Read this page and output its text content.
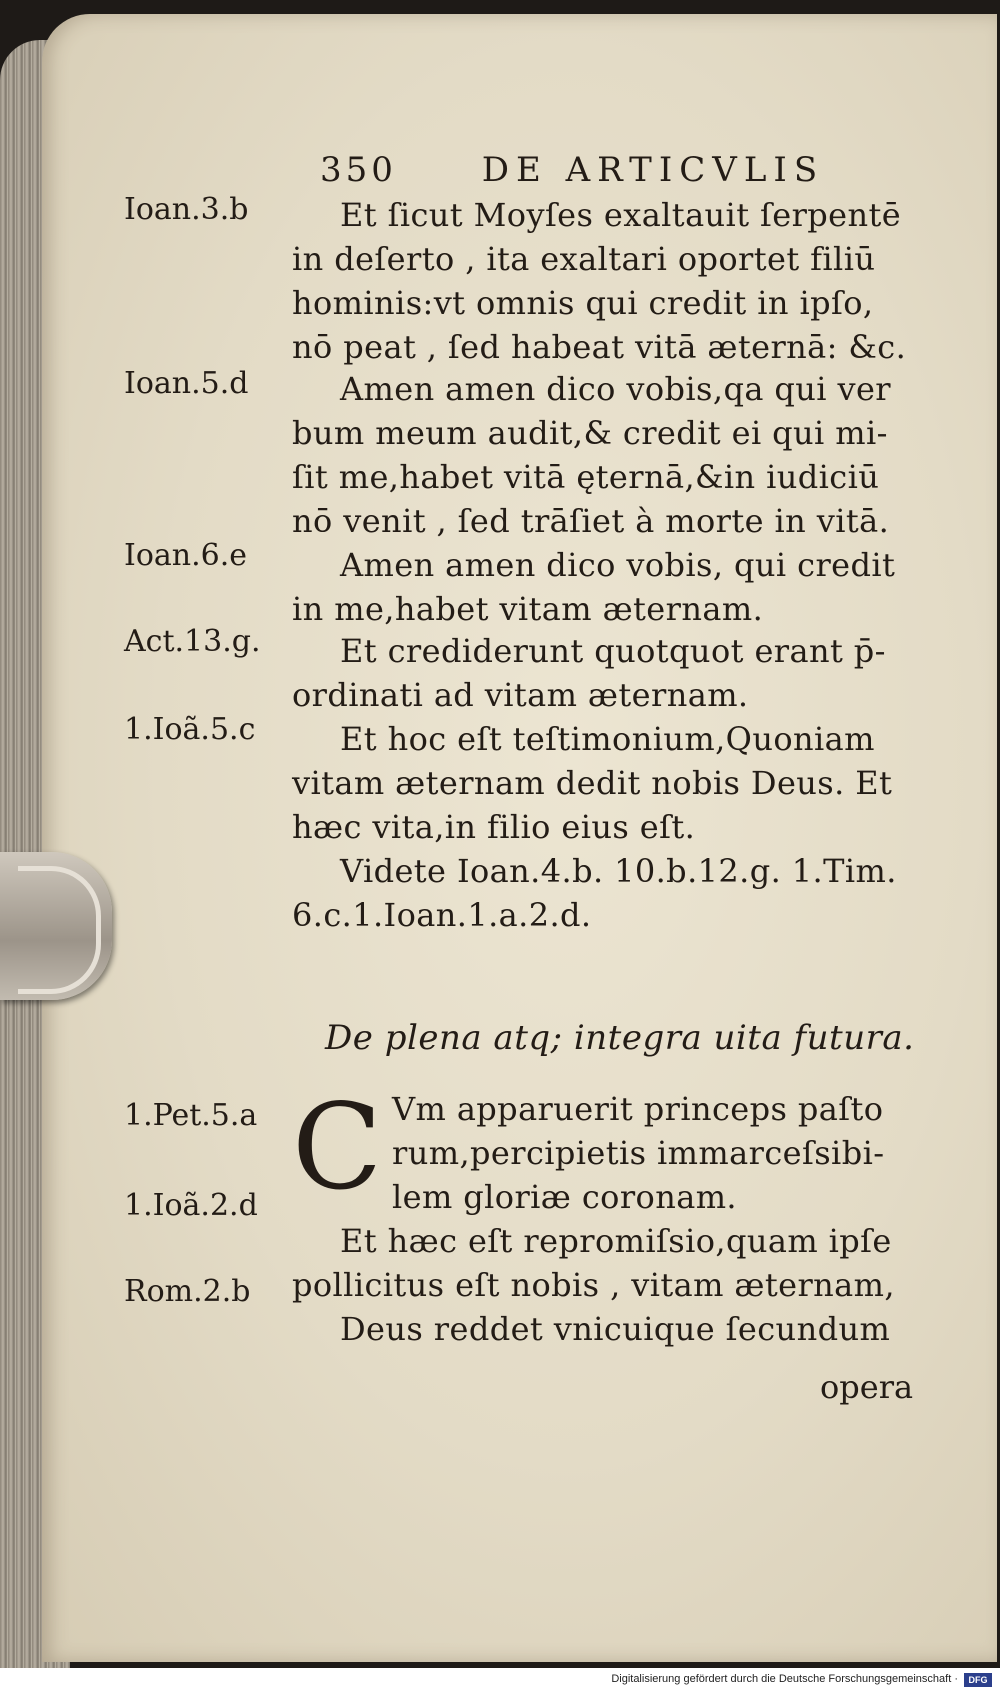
350 DE ARTICVLIS
Ioan.3.b
Ioan.5.d
Ioan.6.e
Act.13.g.
1.Ioã.5.c
1.Pet.5.a
1.Ioã.2.d
Rom.2.b
Et ſicut Moyſes exaltauit ſerpentē
in deſerto , ita exaltari oportet filiū
hominis:vt omnis qui credit in ipſo,
nō peat , ſed habeat vitā æternā: &c.
Amen amen dico vobis,qa qui ver
bum meum audit,& credit ei qui mi-
ſit me,habet vitā ęternā,&in iudiciū
nō venit , ſed trāſiet à morte in vitā.
Amen amen dico vobis, qui credit
in me,habet vitam æternam.
Et crediderunt quotquot erant p̄-
ordinati ad vitam æternam.
Et hoc eſt teſtimonium,Quoniam
vitam æternam dedit nobis Deus. Et
hæc vita,in filio eius eſt.
Videte Ioan.4.b. 10.b.12.g. 1.Tim.
6.c.1.Ioan.1.a.2.d.
De plena atq; integra uita futura.
C Vm apparuerit princeps paſto
rum,percipietis immarceſsibi-
lem gloriæ coronam.
Et hæc eſt repromiſsio,quam ipſe
pollicitus eſt nobis , vitam æternam,
Deus reddet vnicuique ſecundum
opera
Digitalisierung gefördert durch die Deutsche Forschungsgemeinschaft ·	DFG
